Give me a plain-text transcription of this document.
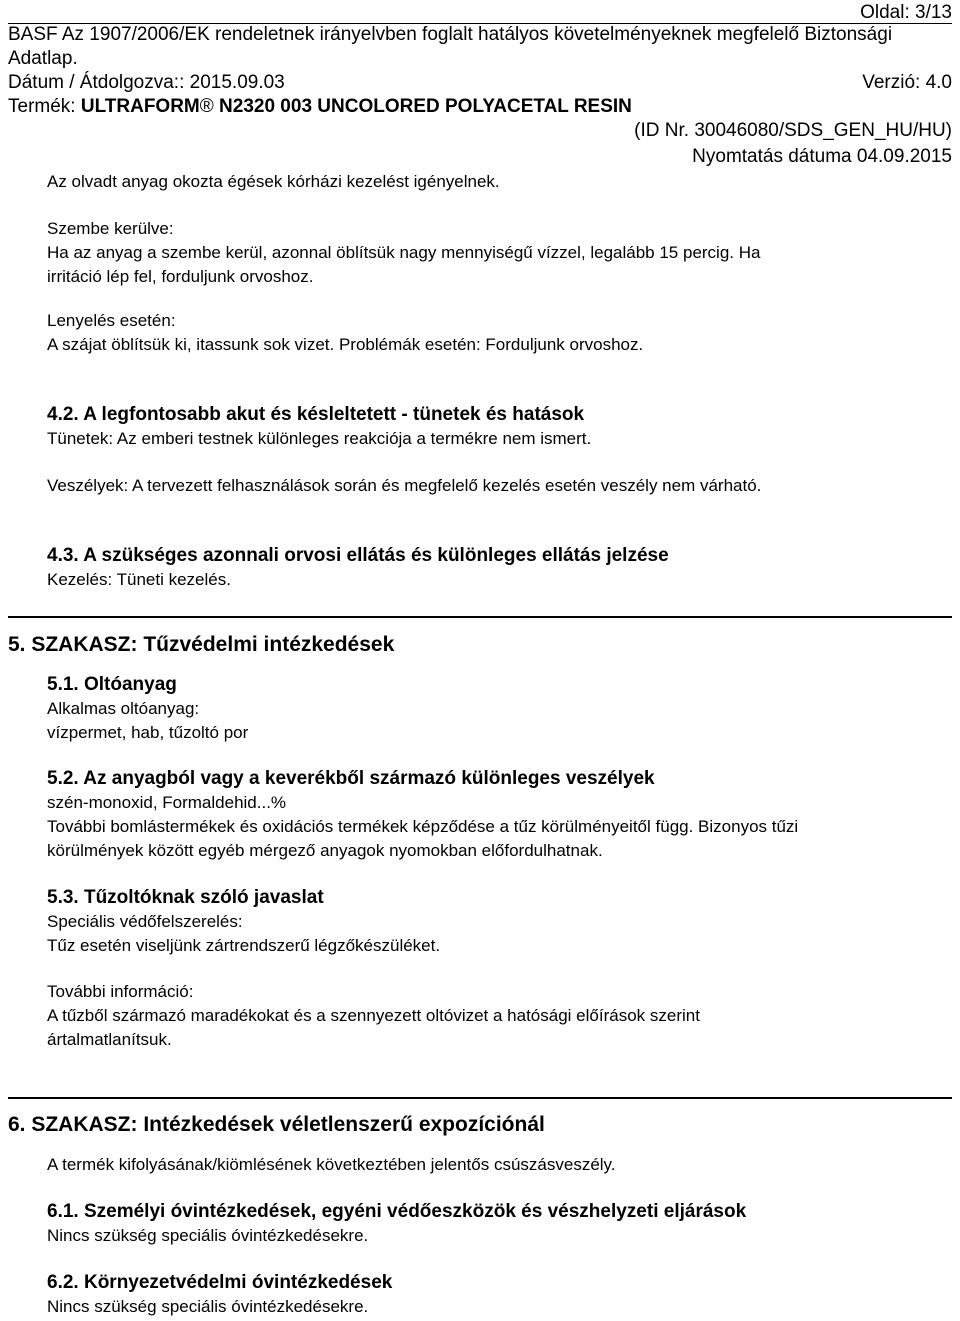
Oldal: 3/13
BASF Az 1907/2006/EK rendeletnek irányelvben foglalt hatályos követelményeknek megfelelő Biztonsági
Adatlap.
Dátum / Átdolgozva:: 2015.09.03	Verzió: 4.0
Termék: ULTRAFORM® N2320 003 UNCOLORED POLYACETAL RESIN
(ID Nr. 30046080/SDS_GEN_HU/HU)
Nyomtatás dátuma 04.09.2015
Az olvadt anyag okozta égések kórházi kezelést igényelnek.
Szembe kerülve:
Ha az anyag a szembe kerül, azonnal öblítsük nagy mennyiségű vízzel, legalább 15 percig. Ha
irritáció lép fel, forduljunk orvoshoz.
Lenyelés esetén:
A szájat öblítsük ki, itassunk sok vizet. Problémák esetén: Forduljunk orvoshoz.
4.2. A legfontosabb akut és késleltetett - tünetek és hatások
Tünetek: Az emberi testnek különleges reakciója a termékre nem ismert.
Veszélyek: A tervezett felhasználások során és megfelelő kezelés esetén veszély nem várható.
4.3. A szükséges azonnali orvosi ellátás és különleges ellátás jelzése
Kezelés: Tüneti kezelés.
5. SZAKASZ: Tűzvédelmi intézkedések
5.1. Oltóanyag
Alkalmas oltóanyag:
vízpermet, hab, tűzoltó por
5.2. Az anyagból vagy a keverékből származó különleges veszélyek
szén-monoxid, Formaldehid...%
További bomlástermékek és oxidációs termékek képződése a tűz körülményeitől függ. Bizonyos tűzi
körülmények között egyéb mérgező anyagok nyomokban előfordulhatnak.
5.3. Tűzoltóknak szóló javaslat
Speciális védőfelszerelés:
Tűz esetén viseljünk zártrendszerű légzőkészüléket.
További információ:
A tűzből származó maradékokat és a szennyezett oltóvizet a hatósági előírások szerint
ártalmatlanítsuk.
6. SZAKASZ: Intézkedések véletlenszerű expozíciónál
A termék kifolyásának/kiömlésének következtében jelentős csúszásveszély.
6.1. Személyi óvintézkedések, egyéni védőeszközök és vészhelyzeti eljárások
Nincs szükség speciális óvintézkedésekre.
6.2. Környezetvédelmi óvintézkedések
Nincs szükség speciális óvintézkedésekre.
